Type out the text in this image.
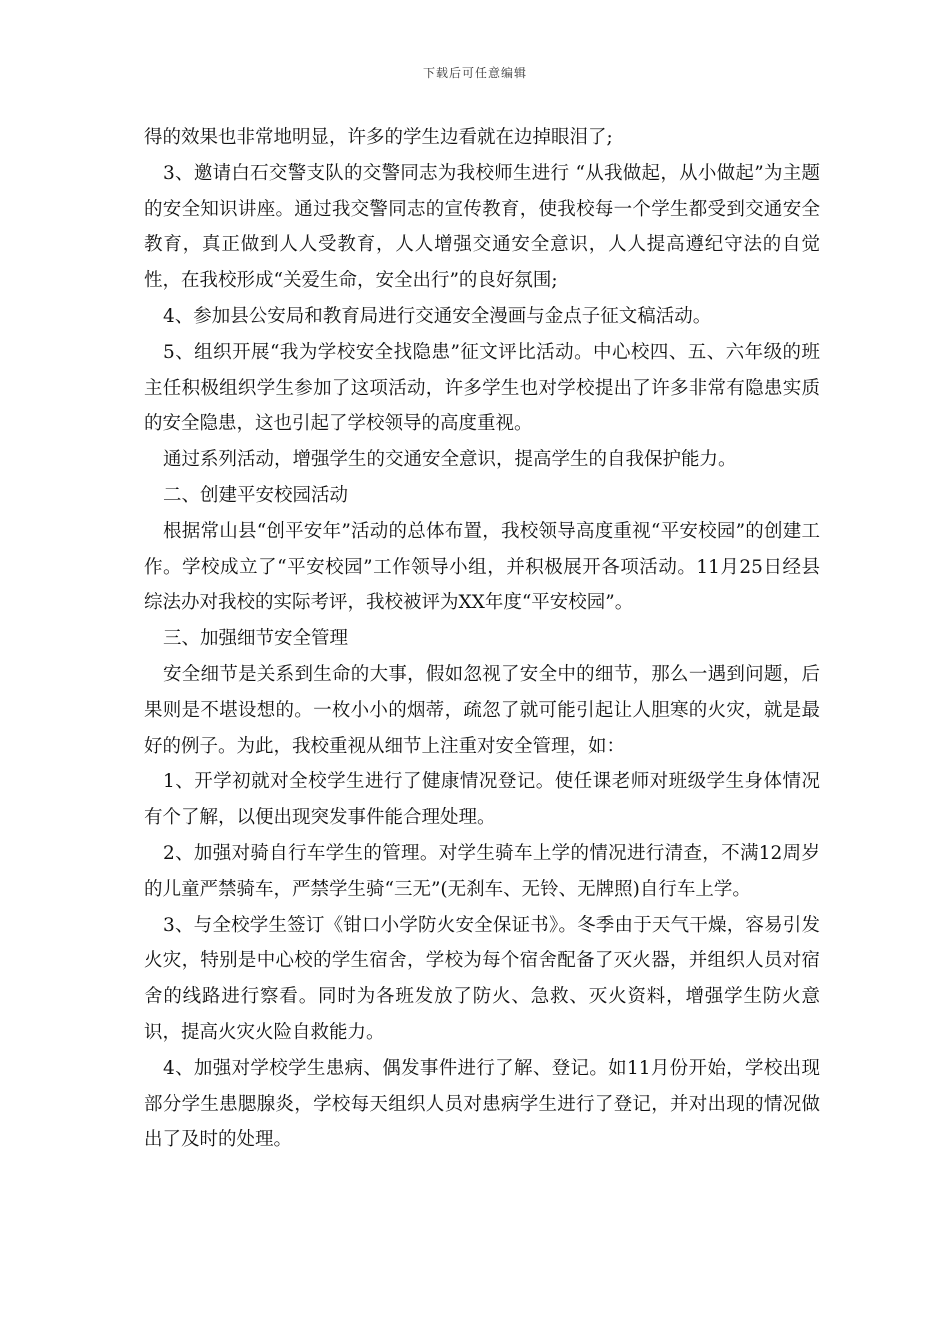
下载后可任意编辑

得的效果也非常地明显，许多的学生边看就在边掉眼泪了;

3、邀请白石交警支队的交警同志为我校师生进行 “从我做起，从小做起”为主题的安全知识讲座。通过我交警同志的宣传教育，使我校每一个学生都受到交通安全教育，真正做到人人受教育，人人增强交通安全意识，人人提高遵纪守法的自觉性，在我校形成“关爱生命，安全出行”的良好氛围;

4、参加县公安局和教育局进行交通安全漫画与金点子征文稿活动。

5、组织开展“我为学校安全找隐患”征文评比活动。中心校四、五、六年级的班主任积极组织学生参加了这项活动，许多学生也对学校提出了许多非常有隐患实质的安全隐患，这也引起了学校领导的高度重视。

通过系列活动，增强学生的交通安全意识，提高学生的自我保护能力。

二、创建平安校园活动

根据常山县“创平安年”活动的总体布置，我校领导高度重视“平安校园”的创建工作。学校成立了“平安校园”工作领导小组，并积极展开各项活动。11月25日经县综法办对我校的实际考评，我校被评为XX年度“平安校园”。

三、加强细节安全管理

安全细节是关系到生命的大事，假如忽视了安全中的细节，那么一遇到问题，后果则是不堪设想的。一枚小小的烟蒂，疏忽了就可能引起让人胆寒的火灾，就是最好的例子。为此，我校重视从细节上注重对安全管理，如：

1、开学初就对全校学生进行了健康情况登记。使任课老师对班级学生身体情况有个了解，以便出现突发事件能合理处理。

2、加强对骑自行车学生的管理。对学生骑车上学的情况进行清查，不满12周岁的儿童严禁骑车，严禁学生骑“三无”(无刹车、无铃、无牌照)自行车上学。

3、与全校学生签订《钳口小学防火安全保证书》。冬季由于天气干燥，容易引发火灾，特别是中心校的学生宿舍，学校为每个宿舍配备了灭火器，并组织人员对宿舍的线路进行察看。同时为各班发放了防火、急救、灭火资料，增强学生防火意识，提高火灾火险自救能力。

4、加强对学校学生患病、偶发事件进行了解、登记。如11月份开始，学校出现部分学生患腮腺炎，学校每天组织人员对患病学生进行了登记，并对出现的情况做出了及时的处理。
